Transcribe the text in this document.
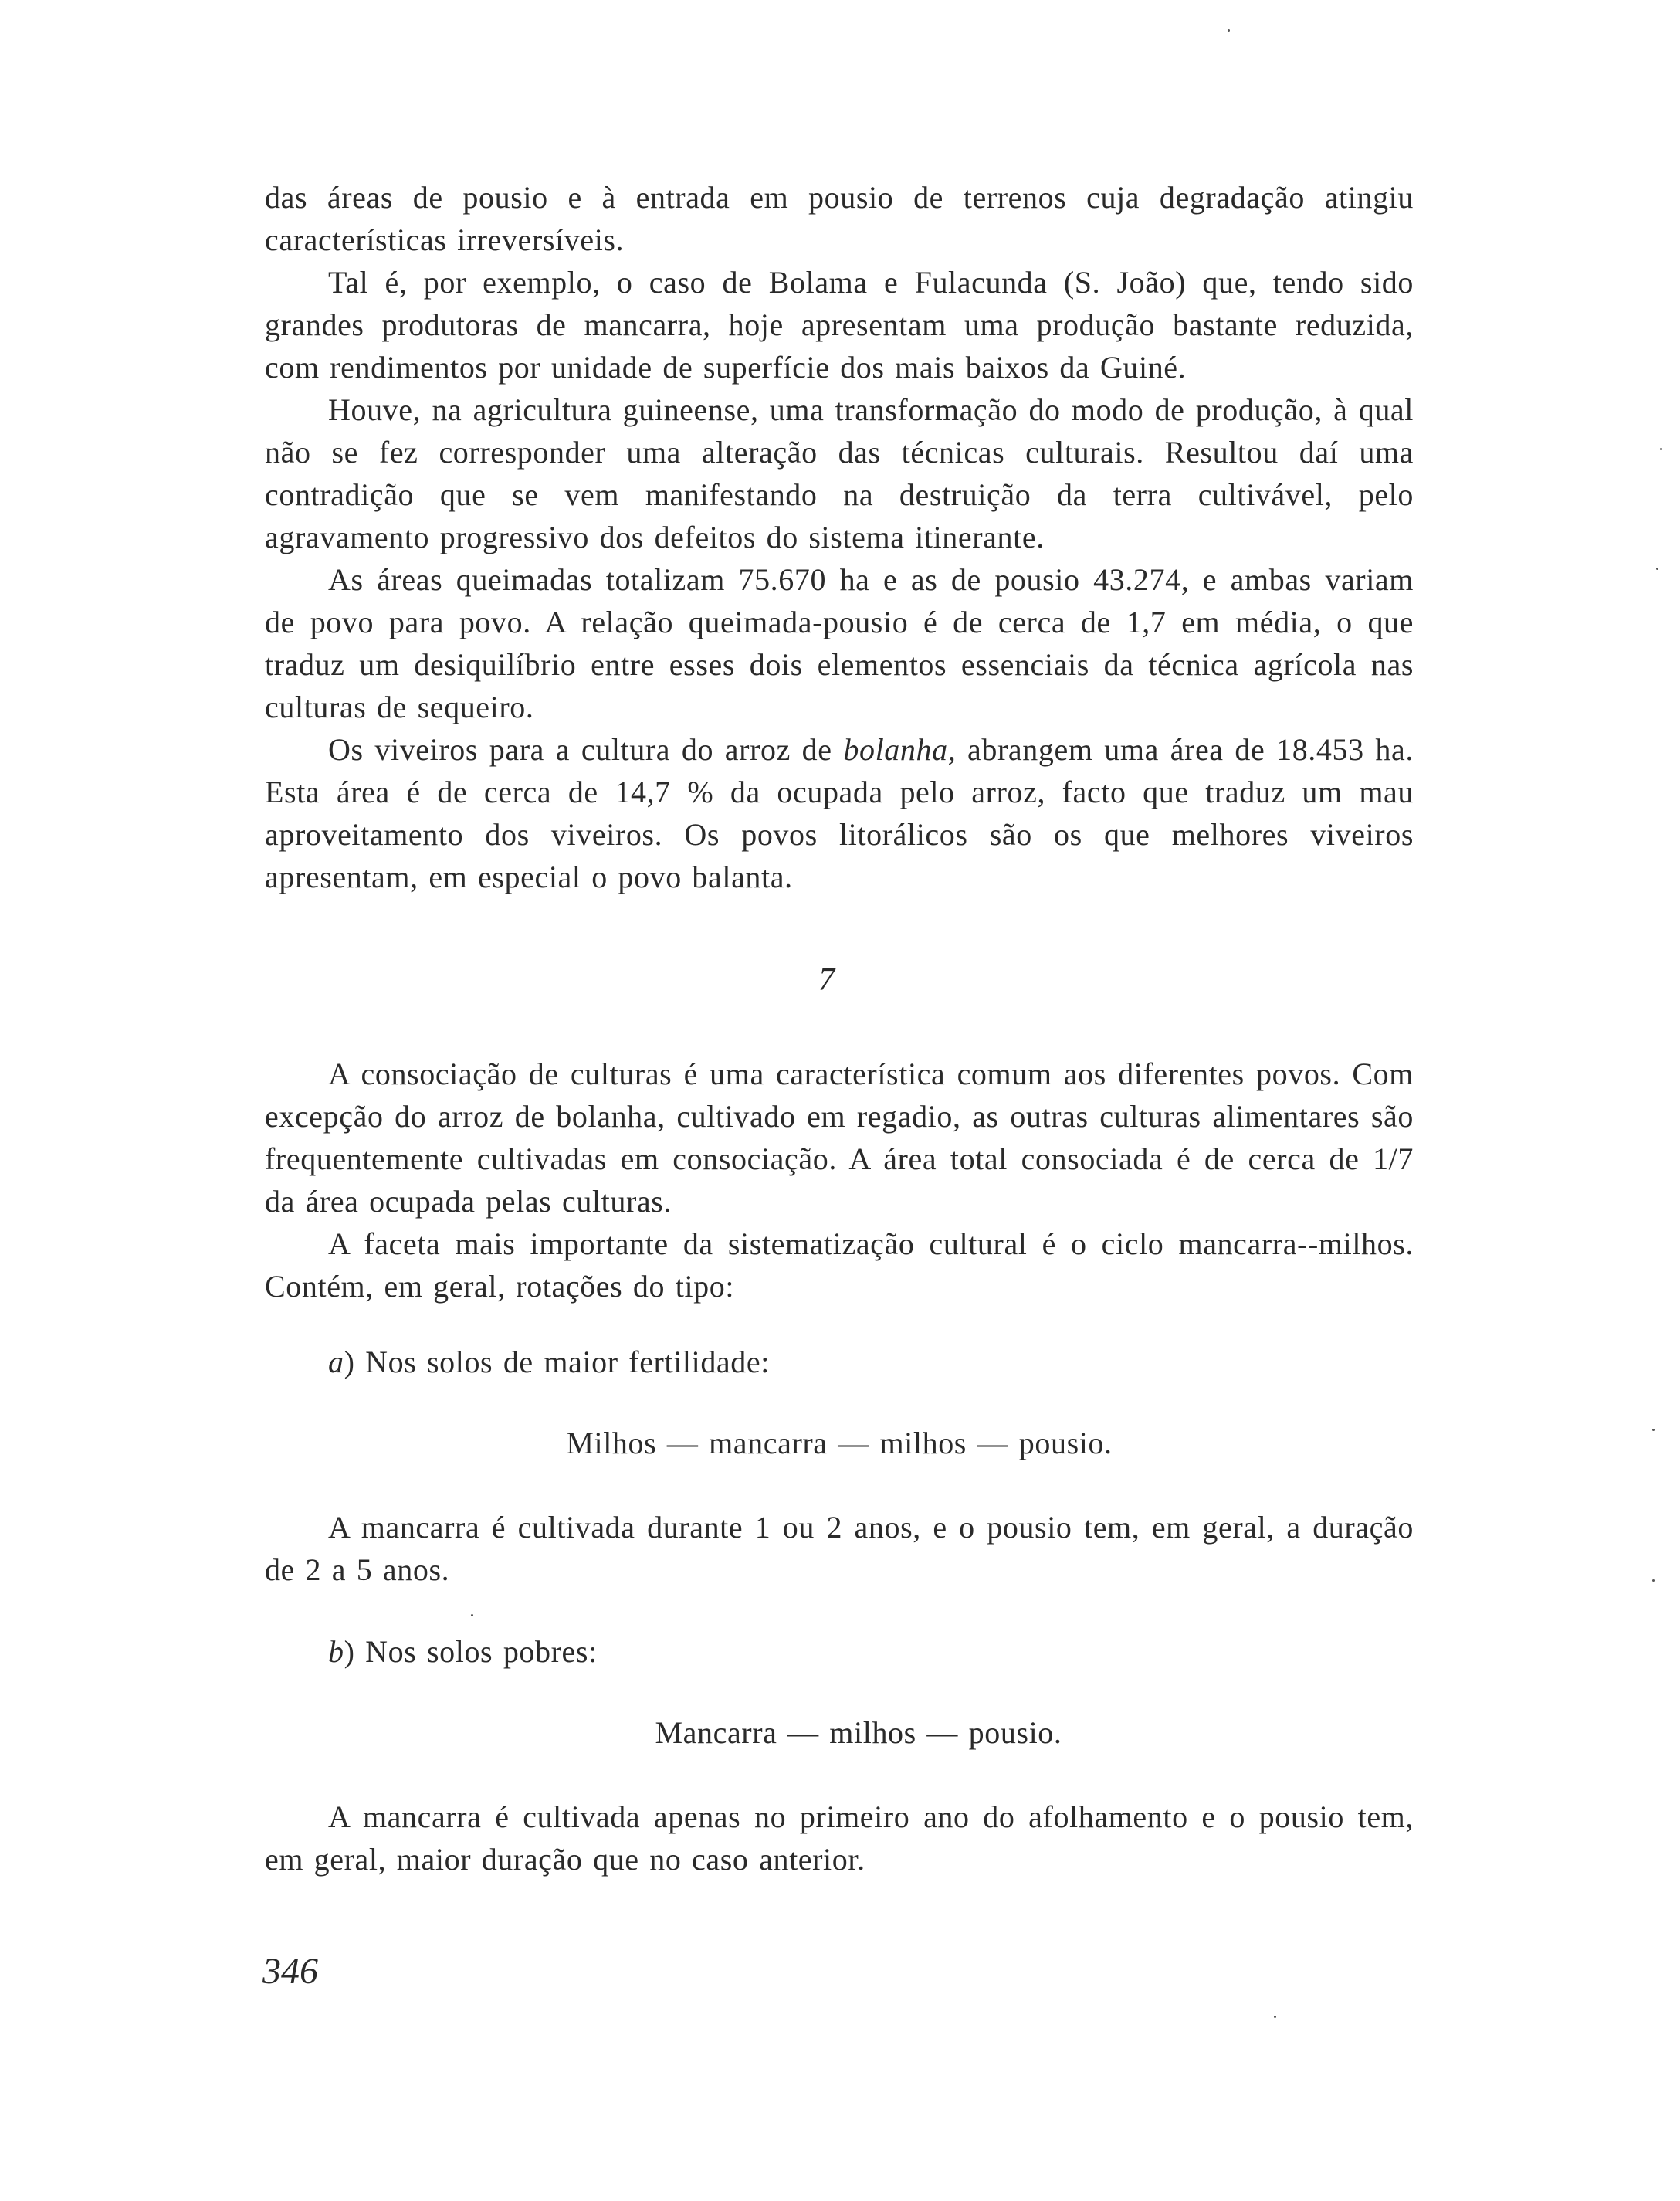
das áreas de pousio e à entrada em pousio de terrenos cuja degradação atingiu características irreversíveis.

Tal é, por exemplo, o caso de Bolama e Fulacunda (S. João) que, tendo sido grandes produtoras de mancarra, hoje apresentam uma produção bastante reduzida, com rendimentos por unidade de superfície dos mais baixos da Guiné.

Houve, na agricultura guineense, uma transformação do modo de produção, à qual não se fez corresponder uma alteração das técnicas culturais. Resultou daí uma contradição que se vem manifestando na destruição da terra cultivável, pelo agravamento progressivo dos defeitos do sistema itinerante.

As áreas queimadas totalizam 75.670 ha e as de pousio 43.274, e ambas variam de povo para povo. A relação queimada-pousio é de cerca de 1,7 em média, o que traduz um desiquilíbrio entre esses dois elementos essenciais da técnica agrícola nas culturas de sequeiro.

Os viveiros para a cultura do arroz de bolanha, abrangem uma área de 18.453 ha. Esta área é de cerca de 14,7 % da ocupada pelo arroz, facto que traduz um mau aproveitamento dos viveiros. Os povos litorálicos são os que melhores viveiros apresentam, em especial o povo balanta.

7

A consociação de culturas é uma característica comum aos diferentes povos. Com excepção do arroz de bolanha, cultivado em regadio, as outras culturas alimentares são frequentemente cultivadas em consociação. A área total consociada é de cerca de 1/7 da área ocupada pelas culturas.

A faceta mais importante da sistematização cultural é o ciclo mancarra--milhos. Contém, em geral, rotações do tipo:

a) Nos solos de maior fertilidade:
Milhos — mancarra — milhos — pousio.

A mancarra é cultivada durante 1 ou 2 anos, e o pousio tem, em geral, a duração de 2 a 5 anos.

b) Nos solos pobres:
Mancarra — milhos — pousio.

A mancarra é cultivada apenas no primeiro ano do afolhamento e o pousio tem, em geral, maior duração que no caso anterior.

346
